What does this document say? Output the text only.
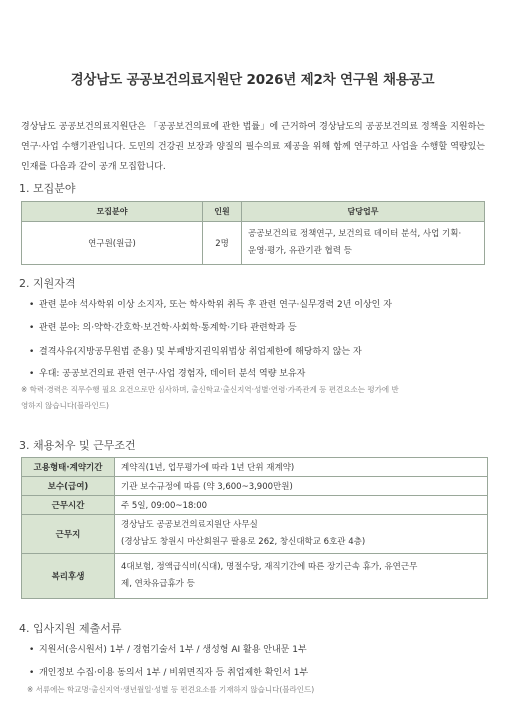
경상남도 공공보건의료지원단 2026년 제2차 연구원 채용공고
경상남도 공공보건의료지원단은 「공공보건의료에 관한 법률」에 근거하여 경상남도의 공공보건의료 정책을 지원하는 연구·사업 수행기관입니다. 도민의 건강권 보장과 양질의 필수의료 제공을 위해 함께 연구하고 사업을 수행할 역량있는 인재를 다음과 같이 공개 모집합니다.
1. 모집분야
모집분야	인원	담당업무
연구원(원급)	2명	공공보건의료 정책연구, 보건의료 데이터 분석, 사업 기획·
운영·평가, 유관기관 협력 등
2. 지원자격
• 관련 분야 석사학위 이상 소지자, 또는 학사학위 취득 후 관련 연구·실무경력 2년 이상인 자
• 관련 분야: 의·약학·간호학·보건학·사회학·통계학·기타 관련학과 등
• 결격사유(지방공무원법 준용) 및 부패방지권익위법상 취업제한에 해당하지 않는 자
• 우대: 공공보건의료 관련 연구·사업 경험자, 데이터 분석 역량 보유자
※ 학력·경력은 직무수행 필요 요건으로만 심사하며, 출신학교·출신지역·성별·연령·가족관계 등 편견요소는 평가에 반
영하지 않습니다(블라인드)
3. 채용처우 및 근무조건
고용형태·계약기간	계약직(1년, 업무평가에 따라 1년 단위 재계약)
보수(급여)	기관 보수규정에 따름 (약 3,600~3,900만원)
근무시간	주 5일, 09:00~18:00
근무지	경상남도 공공보건의료지원단 사무실
(경상남도 창원시 마산회원구 팔용로 262, 창신대학교 6호관 4층)

복리후생	4대보험, 정액급식비(식대), 명절수당, 재직기간에 따른 장기근속 휴가, 유연근무
제, 연차유급휴가 등
4. 입사지원 제출서류
• 지원서(응시원서) 1부 / 경험기술서 1부 / 생성형 AI 활용 안내문 1부
• 개인정보 수집·이용 동의서 1부 / 비위면직자 등 취업제한 확인서 1부
※ 서류에는 학교명·출신지역·생년월일·성별 등 편견요소를 기재하지 않습니다(블라인드)
